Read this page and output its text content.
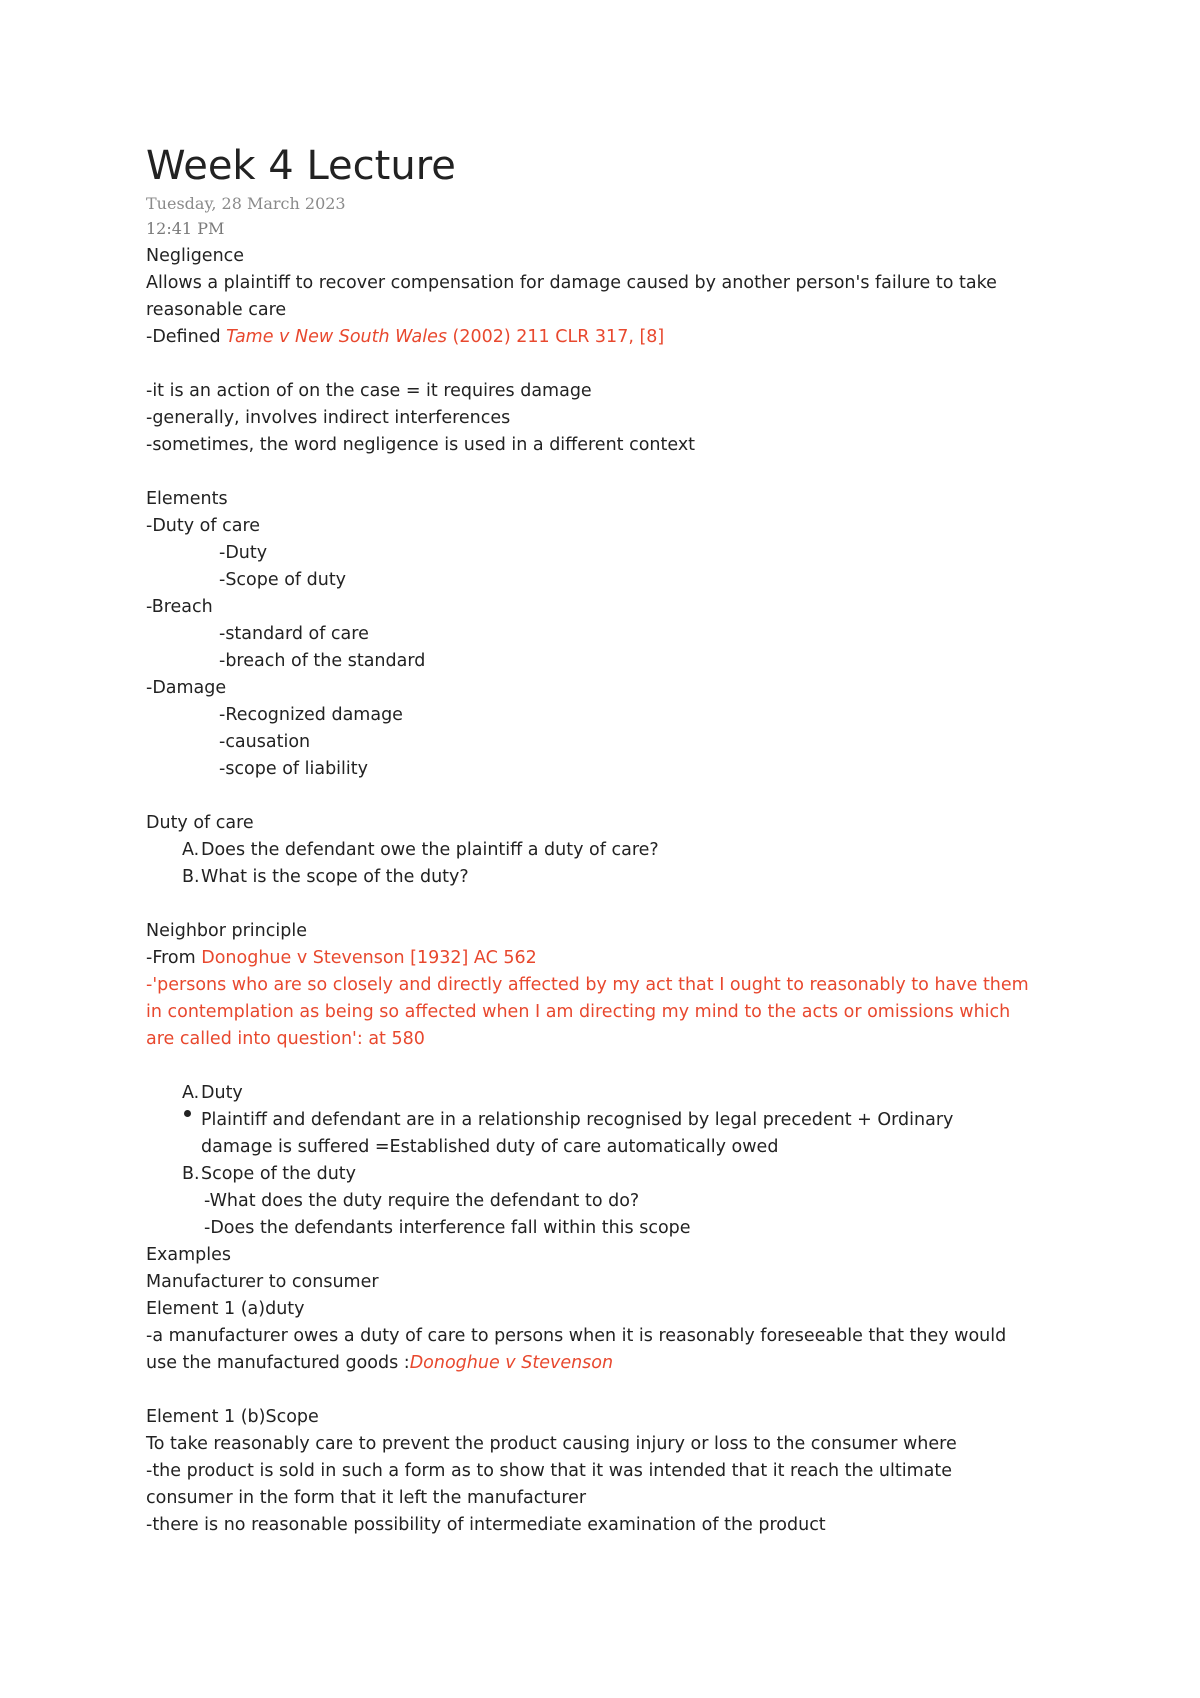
Week 4 Lecture
Tuesday, 28 March 2023
12:41 PM
Negligence
Allows a plaintiff to recover compensation for damage caused by another person's failure to take
reasonable care
-Defined Tame v New South Wales (2002) 211 CLR 317, [8]
-it is an action of on the case = it requires damage
-generally, involves indirect interferences
-sometimes, the word negligence is used in a different context
Elements
-Duty of care
-Duty
-Scope of duty
-Breach
-standard of care
-breach of the standard
-Damage
-Recognized damage
-causation
-scope of liability
Duty of care
A. Does the defendant owe the plaintiff a duty of care?
B. What is the scope of the duty?
Neighbor principle
-From Donoghue v Stevenson [1932] AC 562
-'persons who are so closely and directly affected by my act that I ought to reasonably to have them
in contemplation as being so affected when I am directing my mind to the acts or omissions which
are called into question': at 580
A. Duty
Plaintiff and defendant are in a relationship recognised by legal precedent + Ordinary
damage is suffered =Established duty of care automatically owed
B. Scope of the duty
-What does the duty require the defendant to do?
-Does the defendants interference fall within this scope
Examples
Manufacturer to consumer
Element 1 (a)duty
-a manufacturer owes a duty of care to persons when it is reasonably foreseeable that they would
use the manufactured goods :Donoghue v Stevenson
Element 1 (b)Scope
To take reasonably care to prevent the product causing injury or loss to the consumer where
-the product is sold in such a form as to show that it was intended that it reach the ultimate
consumer in the form that it left the manufacturer
-there is no reasonable possibility of intermediate examination of the product
